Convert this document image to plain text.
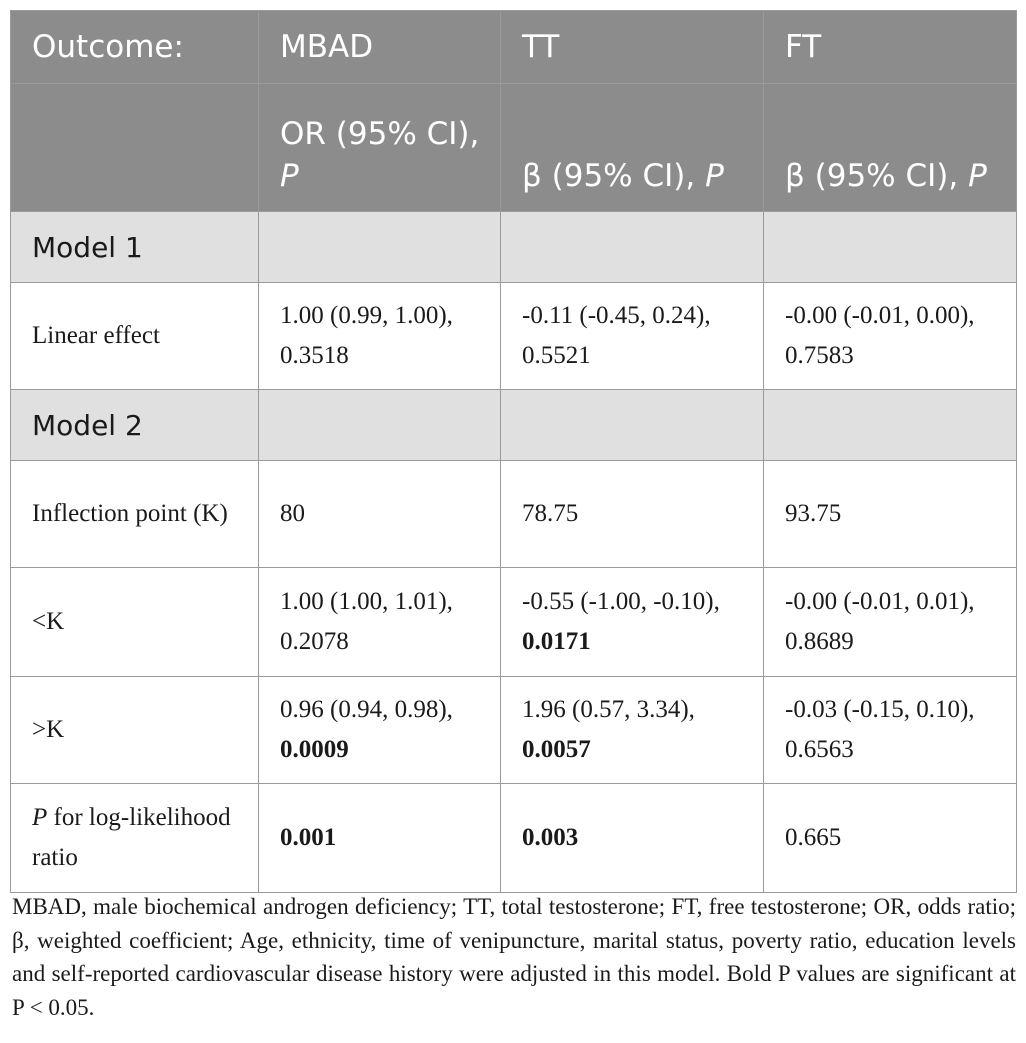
Outcome:	MBAD	TT	FT
	OR (95% CI), P	β (95% CI), P	β (95% CI), P
Model 1			
Linear effect	1.00 (0.99, 1.00), 0.3518	-0.11 (-0.45, 0.24), 0.5521	-0.00 (-0.01, 0.00), 0.7583
Model 2			
Inflection point (K)	80	78.75	93.75
<K	1.00 (1.00, 1.01), 0.2078	-0.55 (-1.00, -0.10), 0.0171	-0.00 (-0.01, 0.01), 0.8689
>K	0.96 (0.94, 0.98), 0.0009	1.96 (0.57, 3.34), 0.0057	-0.03 (-0.15, 0.10), 0.6563
P for log-likelihood ratio	0.001	0.003	0.665
MBAD, male biochemical androgen deficiency; TT, total testosterone; FT, free testosterone; OR, odds ratio; β, weighted coefficient; Age, ethnicity, time of venipuncture, marital status, poverty ratio, education levels and self-reported cardiovascular disease history were adjusted in this model. Bold P values are significant at P < 0.05.
